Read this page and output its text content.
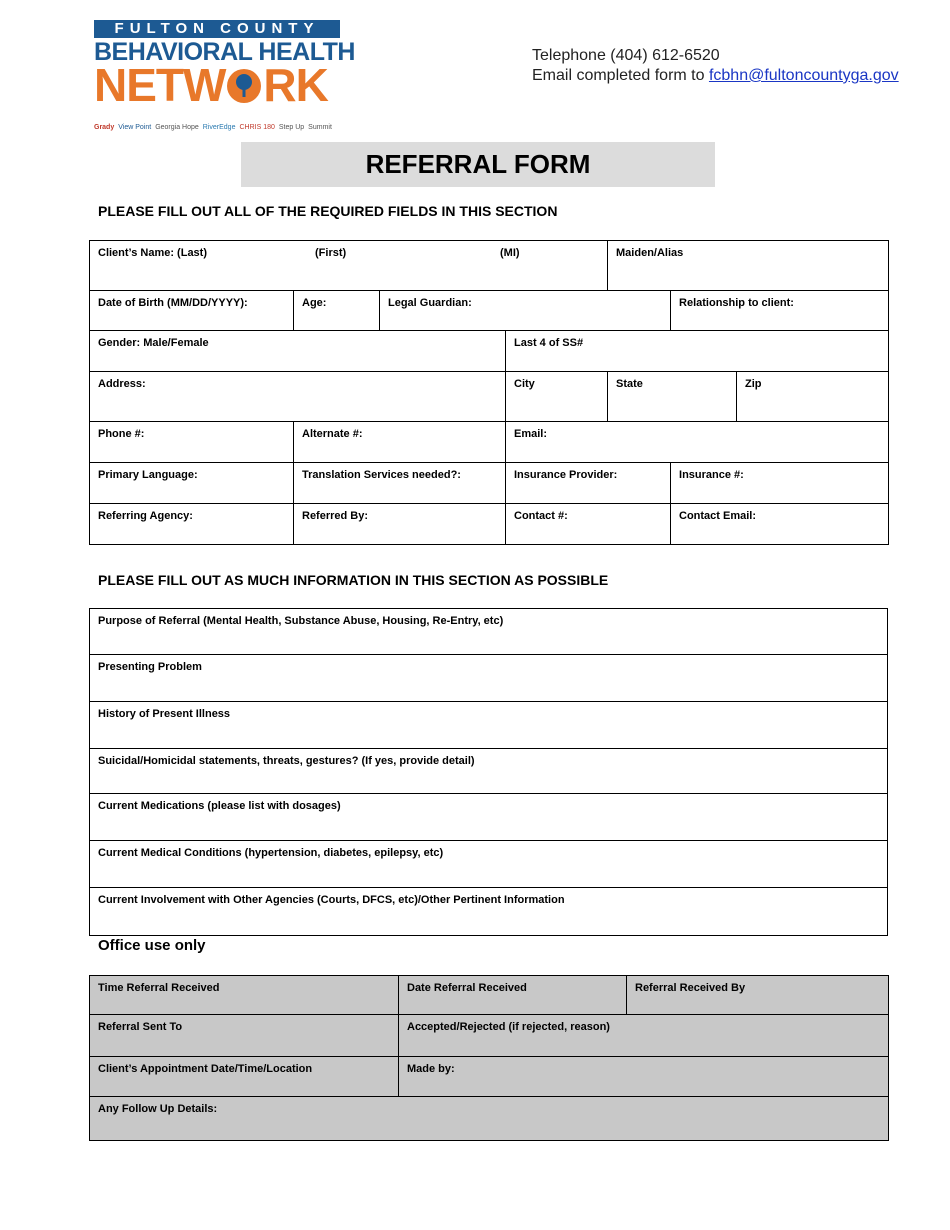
FULTON COUNTY
BEHAVIORAL HEALTH
NETW RK
Grady View Point Georgia Hope RiverEdge CHRIS 180 Step Up Summit
Telephone (404) 612-6520
Email completed form to fcbhn@fultoncountyga.gov
REFERRAL FORM
PLEASE FILL OUT ALL OF THE REQUIRED FIELDS IN THIS SECTION
Client’s Name: (Last) (First) (MI)				Maiden/Alias		
Date of Birth (MM/DD/YYYY):	Age:	Legal Guardian:			Relationship to client:	
Gender: Male/Female			Last 4 of SS#			
Address:			City	State		Zip
Phone #:	Alternate #:		Email:			
Primary Language:	Translation Services needed?:		Insurance Provider:		Insurance #:	
Referring Agency:	Referred By:		Contact #:		Contact Email:	
PLEASE FILL OUT AS MUCH INFORMATION IN THIS SECTION AS POSSIBLE
Purpose of Referral (Mental Health, Substance Abuse, Housing, Re-Entry, etc)
Presenting Problem
History of Present Illness
Suicidal/Homicidal statements, threats, gestures? (If yes, provide detail)
Current Medications (please list with dosages)
Current Medical Conditions (hypertension, diabetes, epilepsy, etc)
Current Involvement with Other Agencies (Courts, DFCS, etc)/Other Pertinent Information
Office use only
Time Referral Received	Date Referral Received	Referral Received By
Referral Sent To	Accepted/Rejected (if rejected, reason)	
Client’s Appointment Date/Time/Location	Made by:	
Any Follow Up Details:		
